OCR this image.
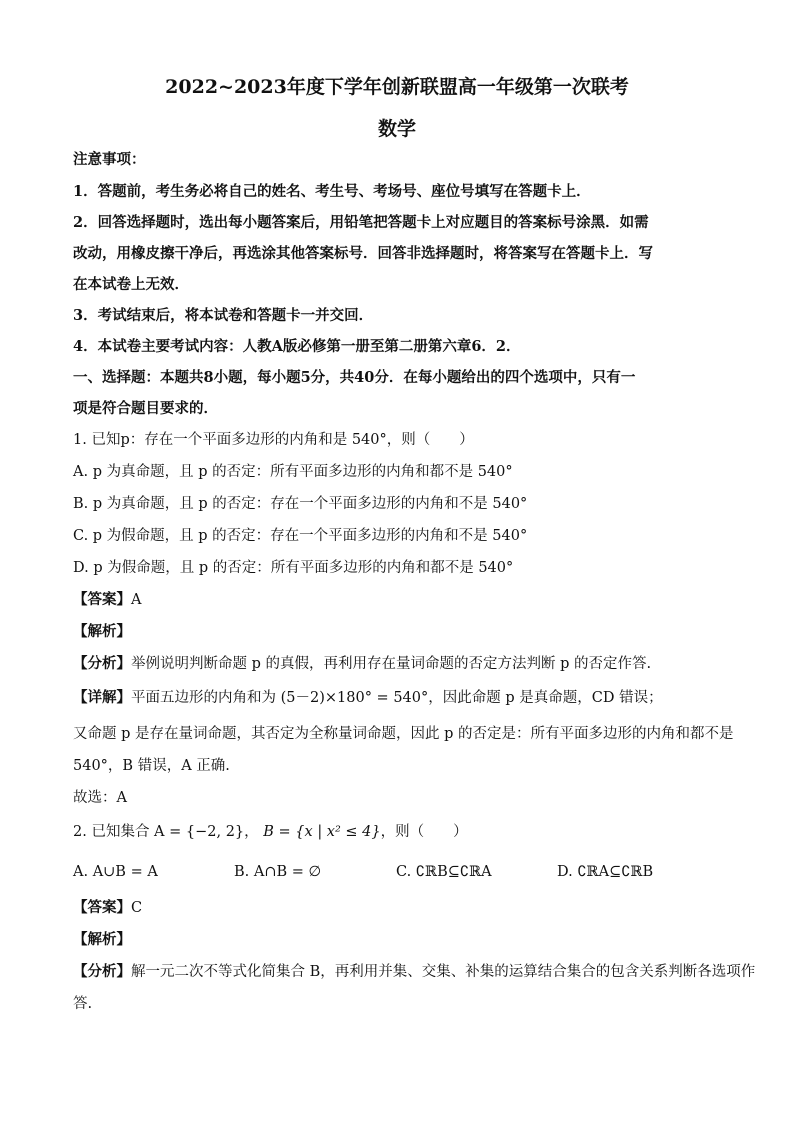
2022~2023年度下学年创新联盟高一年级第一次联考
数学
注意事项：
1．答题前，考生务必将自己的姓名、考生号、考场号、座位号填写在答题卡上．
2．回答选择题时，选出每小题答案后，用铅笔把答题卡上对应题目的答案标号涂黑．如需
改动，用橡皮擦干净后，再选涂其他答案标号．回答非选择题时，将答案写在答题卡上．写
在本试卷上无效．
3．考试结束后，将本试卷和答题卡一并交回．
4．本试卷主要考试内容：人教A版必修第一册至第二册第六章6．2．
一、选择题：本题共8小题，每小题5分，共40分．在每小题给出的四个选项中，只有一
项是符合题目要求的．
1. 已知p：存在一个平面多边形的内角和是 540°，则（　　）
A. p 为真命题，且 p 的否定：所有平面多边形的内角和都不是 540°
B. p 为真命题，且 p 的否定：存在一个平面多边形的内角和不是 540°
C. p 为假命题，且 p 的否定：存在一个平面多边形的内角和不是 540°
D. p 为假命题，且 p 的否定：所有平面多边形的内角和都不是 540°
【答案】A
【解析】
【分析】举例说明判断命题 p 的真假，再利用存在量词命题的否定方法判断 p 的否定作答.
【详解】平面五边形的内角和为 (5－2)×180° = 540°，因此命题 p 是真命题，CD 错误；
又命题 p 是存在量词命题，其否定为全称量词命题，因此 p 的否定是：所有平面多边形的内角和都不是
540°，B 错误，A 正确.
故选：A
2. 已知集合 A = {−2, 2}， B = {x | x² ≤ 4}，则（　　）
A. A∪B = A	B. A∩B = ∅	C. ∁ℝB⊆∁ℝA	D. ∁ℝA⊆∁ℝB
【答案】C
【解析】
【分析】解一元二次不等式化简集合 B，再利用并集、交集、补集的运算结合集合的包含关系判断各选项作
答.
